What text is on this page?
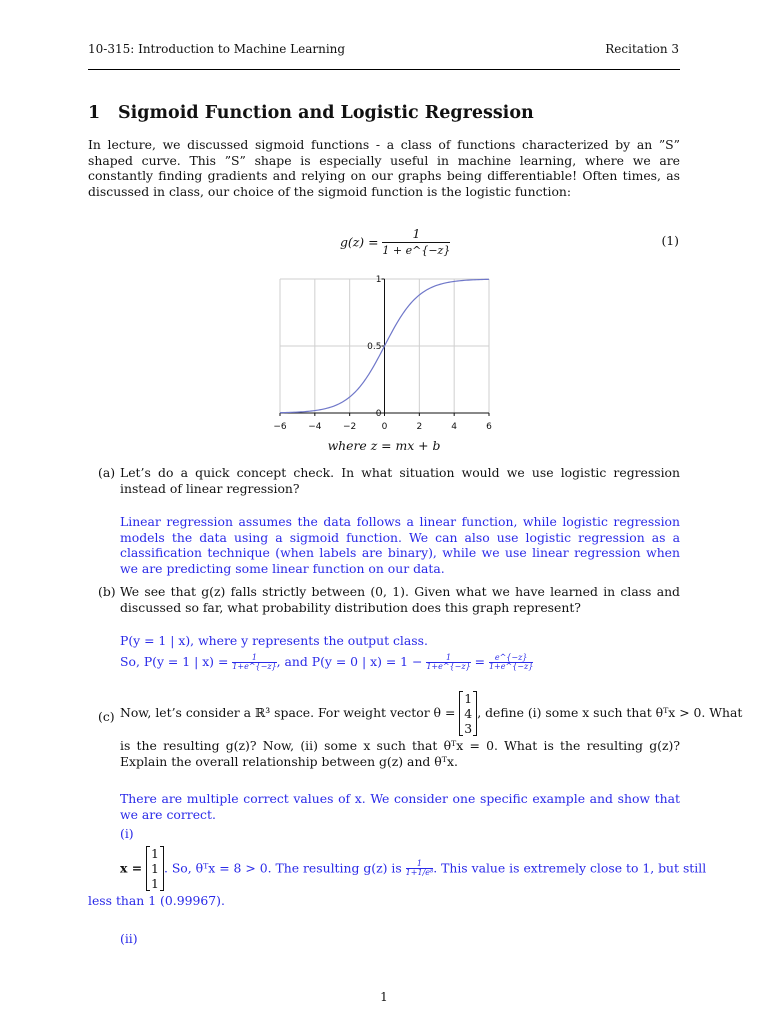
10-315: Introduction to Machine Learning	Recitation 3
1 Sigmoid Function and Logistic Regression
In lecture, we discussed sigmoid functions - a class of functions characterized by an ”S” shaped curve. This ”S” shape is especially useful in machine learning, where we are constantly finding gradients and relying on our graphs being differentiable! Often times, as discussed in class, our choice of the sigmoid function is the logistic function:
$g(z) = \frac{1}{1 + e\^{}\{-z\}}$	(1)
−6 −4 −2	0	2	4	6
0
0.5
1
where z = mx + b
(a) Let’s do a quick concept check. In what situation would we use logistic regression instead of linear regression?
Linear regression assumes the data follows a linear function, while logistic regression models the data using a sigmoid function. We can also use logistic regression as a classification technique (when labels are binary), while we use linear regression when we are predicting some linear function on our data.
(b) We see that g(z) falls strictly between (0, 1). Given what we have learned in class and discussed so far, what probability distribution does this graph represent?
P(y = 1 | x), where y represents the output class.
So, P(y = 1 | $x) = \frac{1}{1+e\^{}\{-z\}}$ , and P(y = 0 | $x) = 1 - \frac{1}{1+e\^{}\{-z\}} = \frac{e\^{}\{-z\}}{1+e\^{}\{-z\}}$
(c) Now, let’s consider a ℝ³ space. For weight vector θ =
1
4
3
, define (i) some x such that θᵀx > 0. What
is the resulting g(z)? Now, (ii) some x such that θᵀx = 0. What is the resulting g(z)? Explain the overall relationship between g(z) and θᵀx.
There are multiple correct values of x. We consider one specific example and show that we are correct.
(i)
x =
1
1
1
. So, θᵀx = 8 > 0. The resulting g(z) is $\frac{1}{\text{1+1/e⁸}}$ . This value is extremely close to 1, but still
less than 1 (0.99967).
(ii)
1
